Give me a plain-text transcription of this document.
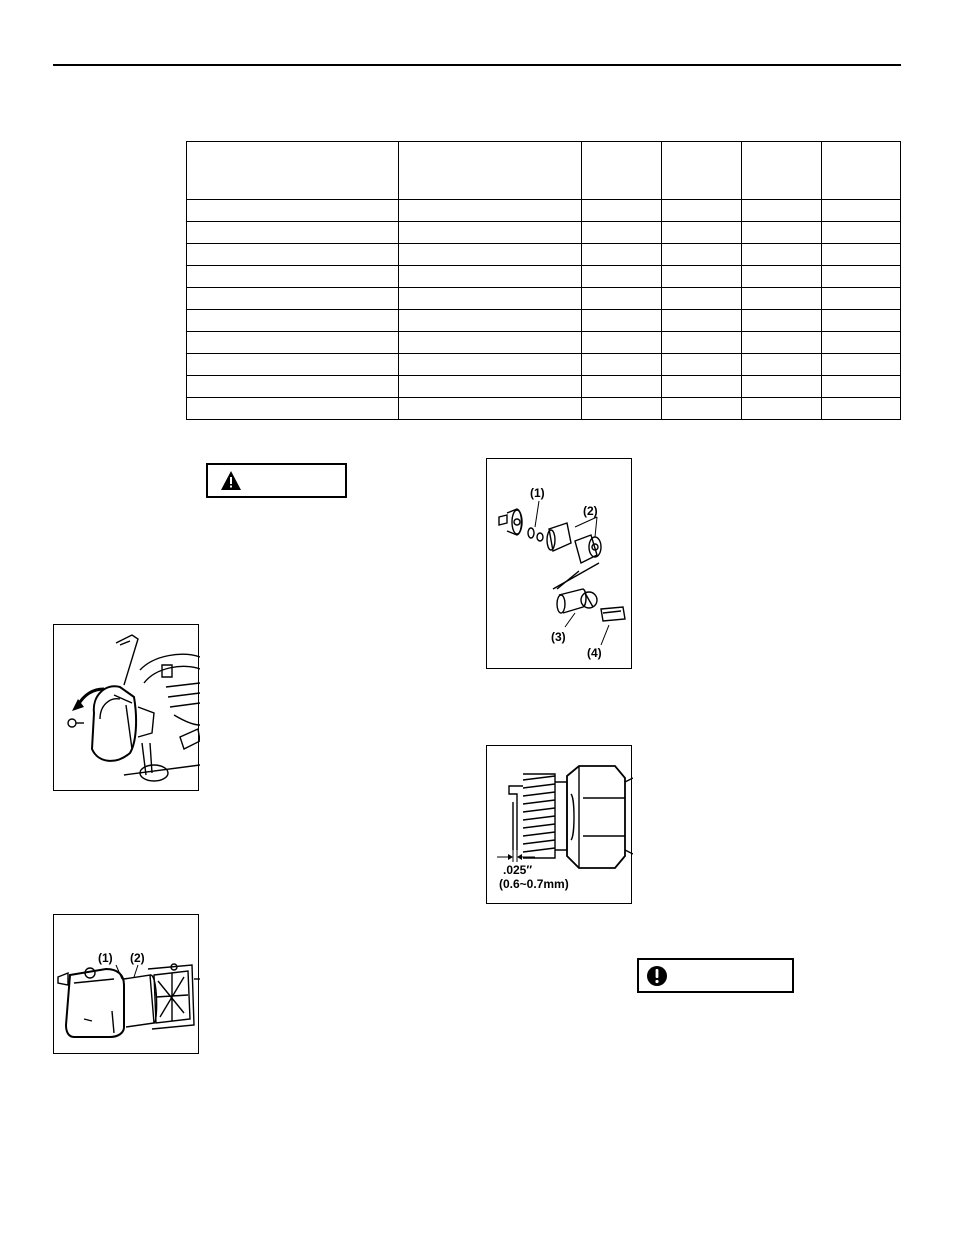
(1) (2)
(1)
(2)
(3)
(4)
.025″
(0.6~0.7mm)
